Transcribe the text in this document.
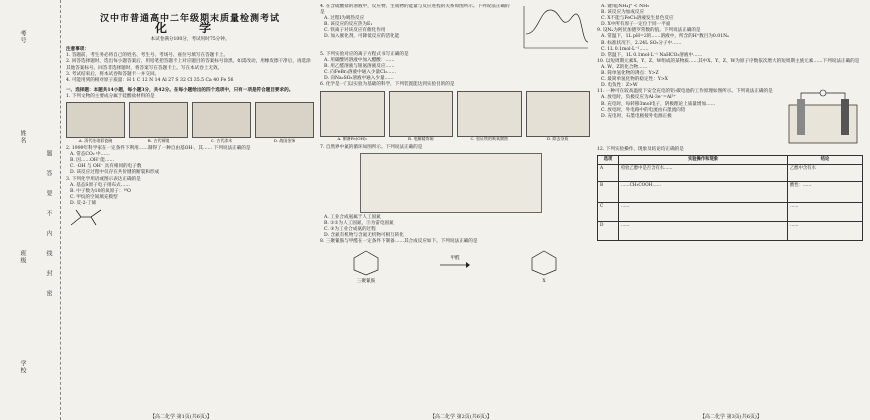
考号
姓名
班级
学校
题
答
要
不
内
线
封
密
汉中市普通高中二年级期末质量检测考试
化 学
本试卷满分100分，考试用时75分钟。
注意事项：

1. 答题前，考生务必将自己的姓名、考生号、考场号、座位号填写在答题卡上。

2. 回答选择题时，选出每小题答案后，用铅笔把答题卡上对应题目的答案标号涂黑。如需改动，用橡皮擦干净后，再选涂其他答案标号。回答非选择题时，将答案写在答题卡上。写在本试卷上无效。

3. 考试结束后，将本试卷和答题卡一并交回。

4. 可能用到的相对原子质量：H 1 C 12 N 14 Al 27 S 32 Cl 35.5 Ca 40 Fe 56

一、选择题：本题共14小题，每小题3分，共42分。在每小题给出的四个选项中，只有一项是符合题目要求的。

1. 下列文物的主要成分属于硅酸盐材料的是

A. 清代珐琅彩瓷碗	B. 古代铜镜	C. 古代漆木	D. 战国金饰

2. 1999年科学家在一定条件下利用……制得了一种自由基OH·，其…… 下列说法正确的是

A. 常态CO₂ 中……

B. 因……OH⁻能……

C. ·OH 与 OH⁻ 具有相同的电子数

D. 该反应过程中仅存在共价键的断裂和形成

3. 下列化学用语或图示表达正确的是

A. 基态S原子电子排布式……

B. 中子数为10的氧原子：¹⁸O

C. 甲烷的空间填充模型

D. 反-2-丁烯

【高二化学 第1页(共6页)】

4. 在含硫酸盐的溶液中，反应物、生成物的能量与反应进程的关系如图所示。下列说法正确的是

A. 过程Ⅰ为吸热反应

B. 该反应的反应热为E₁

C. 铁离子对该反应有催化作用

D. 加入催化剂，可降低反应的活化能

5. 下列实验对应的离子方程式书写正确的是

A. 用碳酸钙溶液中加入醋酸：……

B. 用乙醛溶液与银氨溶液反应……

C. 向FeBr₂溶液中通入少量Cl₂……

D. 向Na₂SO₃溶液中通入少量……

6. 化学是一门以实验为基础的科学，下列装置能达到实验目的的是

A. 制备Fe(OH)₂	B. 电解精炼铜	C. 验证铁的吸氧腐蚀	D. 除去杂质

7. 自然界中氮的循环如图所示。下列说法正确的是

A. 工业合成氨属于人工固氮

B. ①②为人工固氮，③为雷电固氮

C. ③为工业合成氨的过程

D. 含氮有机物与含氮无机物可相互转化

8. 三聚氰胺与甲醛在一定条件下制备……其合成反应如下。下列说法正确的是

三聚氰胺
甲醛
X
【高二化学 第2页(共6页)】

A. 键角[NH₄]⁺ < NH₃

B. 该反应为加成反应

C. X不能与FeCl₃溶液发生显色反应

D. X中所有原子一定位于同一平面

9. 设Nₐ为阿伏加德罗常数的值。下列说法正确的是

A. 常温下，1L pH=2的……溶液中，所含的H⁺数目为0.01Nₐ

B. 标准状况下，2.24L SO₂分子中……

C. 1L 0.1mol·L⁻¹……

D. 常温下，1L 0.1mol·L⁻¹ NaHCO₃溶液中……

10. 以短周期元素X、Y、Z、W组成的某物质……其中X、Y、Z、W为原子序数依次增大的短周期主族元素……下列说法正确的是

A. W、Z的化合物……

B. 简单氢化物的沸点：Y>Z

C. 最简单氢化物的稳定性：Y>X

D. 电负性：Z>W

11. 一种可在较高温度下安全充电的铝-碳电池的工作原理如图所示。下列说法正确的是

A. 放电时，负极反应为Al-3e⁻=Al³⁺

B. 充电时，每转移3mol电子，阴极理论上质量增加……

C. 放电时，外电路中的电流由石墨流向铝

D. 充电时，石墨电极接外电源正极

12. 下列实验操作、现象及结论均正确的是

选项	实验操作和现象	结论
A	检验乙醇中是否含有水……	乙醇中含有水
B	……CH₃COOH……	酸性：……
C	……	……
D	……	……
【高二化学 第3页(共6页)】
